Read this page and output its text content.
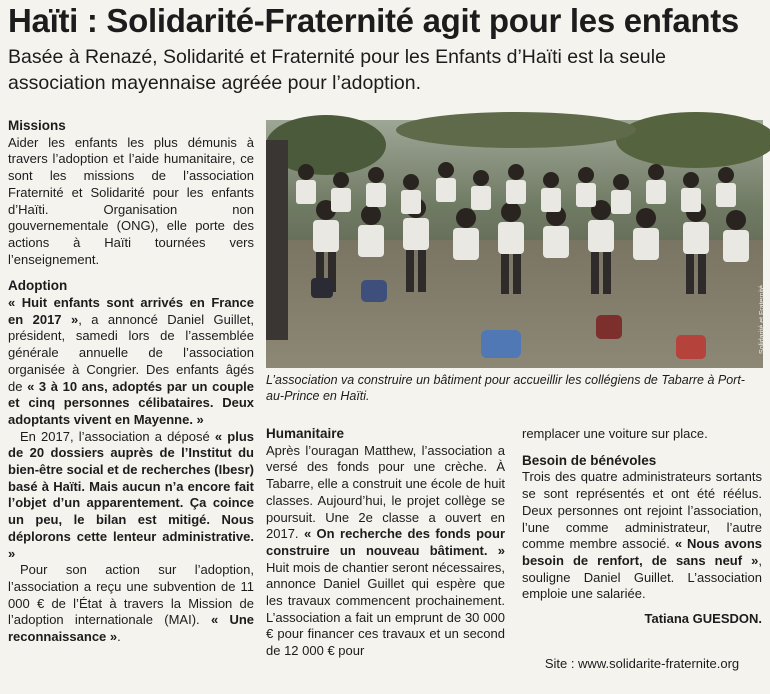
Haïti : Solidarité-Fraternité agit pour les enfants
Basée à Renazé, Solidarité et Fraternité pour les Enfants d’Haïti est la seule association mayennaise agréée pour l’adoption.

Missions

Aider les enfants les plus démunis à travers l’adoption et l’aide humanitaire, ce sont les missions de l’association Fraternité et Solidarité pour les enfants d’Haïti. Organisation non gouvernementale (ONG), elle porte des actions à Haïti tournées vers l’enseignement.

Adoption

« Huit enfants sont arrivés en France en 2017 », a annoncé Daniel Guillet, président, samedi lors de l’assemblée générale annuelle de l’association organisée à Congrier. Des enfants âgés de « 3 à 10 ans, adoptés par un couple et cinq personnes célibataires. Deux adoptants vivent en Mayenne. »

En 2017, l’association a déposé « plus de 20 dossiers auprès de l’Institut du bien-être social et de recherches (Ibesr) basé à Haïti. Mais aucun n’a encore fait l’objet d’un apparentement. Ça coince un peu, le bilan est mitigé. Nous déplorons cette lenteur administrative. »

Pour son action sur l’adoption, l’association a reçu une subvention de 11 000 € de l’État à travers la Mission de l’adoption internationale (MAI). « Une reconnaissance ».

Solidarité et Fraternité
L’association va construire un bâtiment pour accueillir les collégiens de Tabarre à Port-au-Prince en Haïti.

Humanitaire

Après l’ouragan Matthew, l’association a versé des fonds pour une crèche. À Tabarre, elle a construit une école de huit classes. Aujourd’hui, le projet collège se poursuit. Une 2e classe a ouvert en 2017. « On recherche des fonds pour construire un nouveau bâtiment. » Huit mois de chantier seront nécessaires, annonce Daniel Guillet qui espère que les travaux commencent prochainement. L’association a fait un emprunt de 30 000 € pour financer ces travaux et un second de 12 000 € pour

remplacer une voiture sur place.

Besoin de bénévoles

Trois des quatre administrateurs sortants se sont représentés et ont été réélus. Deux personnes ont rejoint l’association, l’une comme administrateur, l’autre comme membre associé. « Nous avons besoin de renfort, de sans neuf », souligne Daniel Guillet. L’association emploie une salariée.

Tatiana GUESDON.

Site : www.solidarite-fraternite.org
